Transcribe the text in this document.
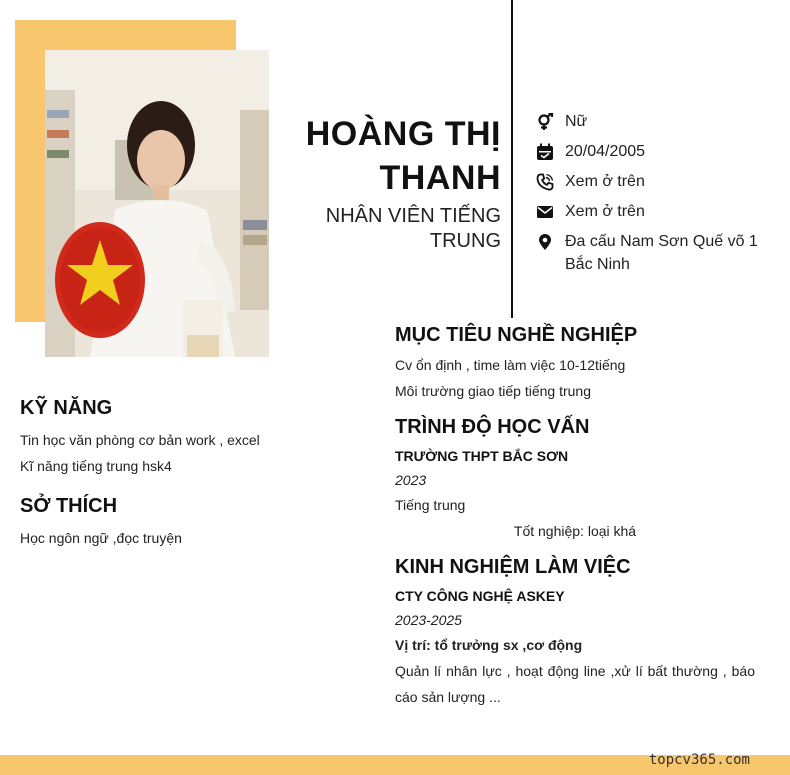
HOÀNG THỊ
THANH
NHÂN VIÊN TIẾNG
TRUNG
Nữ
20/04/2005
Xem ở trên
Xem ở trên
Đa cấu Nam Sơn Quế võ 1 Bắc Ninh
KỸ NĂNG
Tin học văn phòng cơ bản work , excel
Kĩ năng tiếng trung hsk4
SỞ THÍCH
Học ngôn ngữ ,đọc truyện
MỤC TIÊU NGHỀ NGHIỆP
Cv ổn định , time làm việc 10-12tiếng
Môi trường giao tiếp tiếng trung
TRÌNH ĐỘ HỌC VẤN
TRƯỜNG THPT BẮC SƠN
2023
Tiếng trung
Tốt nghiệp: loại khá
KINH NGHIỆM LÀM VIỆC
CTY CÔNG NGHỆ ASKEY
2023-2025
Vị trí: tổ trưởng sx ,cơ động
Quản lí nhân lực , hoạt động line ,xử lí bất thường , báo cáo sản lượng ...
topcv365.com
